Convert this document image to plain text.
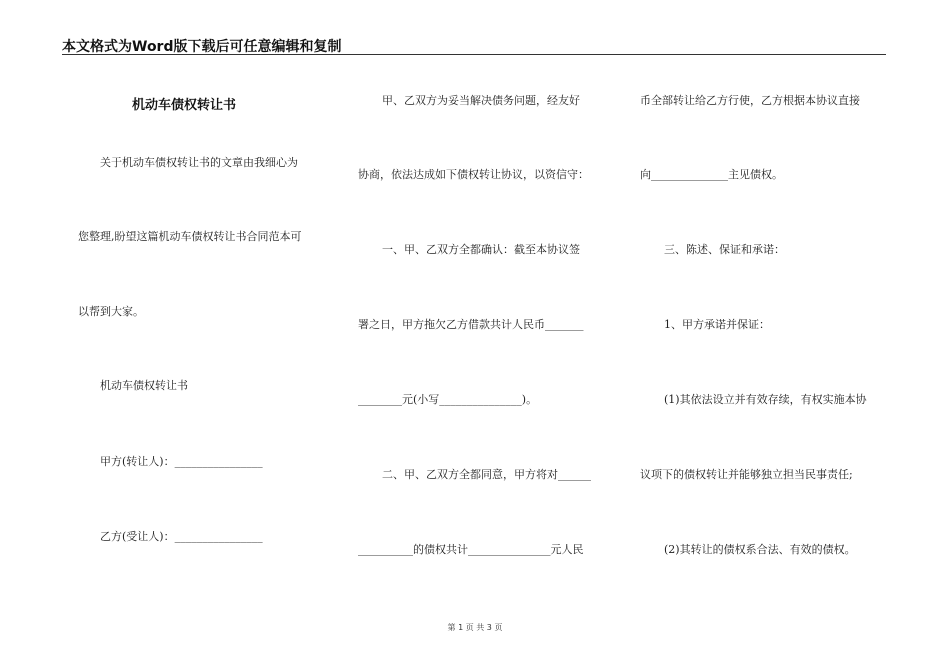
本文格式为Word版下载后可任意编辑和复制
机动车债权转让书
关于机动车债权转让书的文章由我细心为
您整理,盼望这篇机动车债权转让书合同范本可
以帮到大家。
机动车债权转让书
甲方(转让人)：________________
乙方(受让人)：________________
甲、乙双方为妥当解决债务问题，经友好
协商，依法达成如下债权转让协议，以资信守：
一、甲、乙双方全都确认：截至本协议签
署之日，甲方拖欠乙方借款共计人民币_______
________元(小写_______________)。
二、甲、乙双方全都同意，甲方将对______
__________的债权共计_______________元人民
币全部转让给乙方行使，乙方根据本协议直接
向______________主见债权。
三、陈述、保证和承诺：
1、甲方承诺并保证：
(1)其依法设立并有效存续，有权实施本协
议项下的债权转让并能够独立担当民事责任;
(2)其转让的债权系合法、有效的债权。
第 1 页 共 3 页
